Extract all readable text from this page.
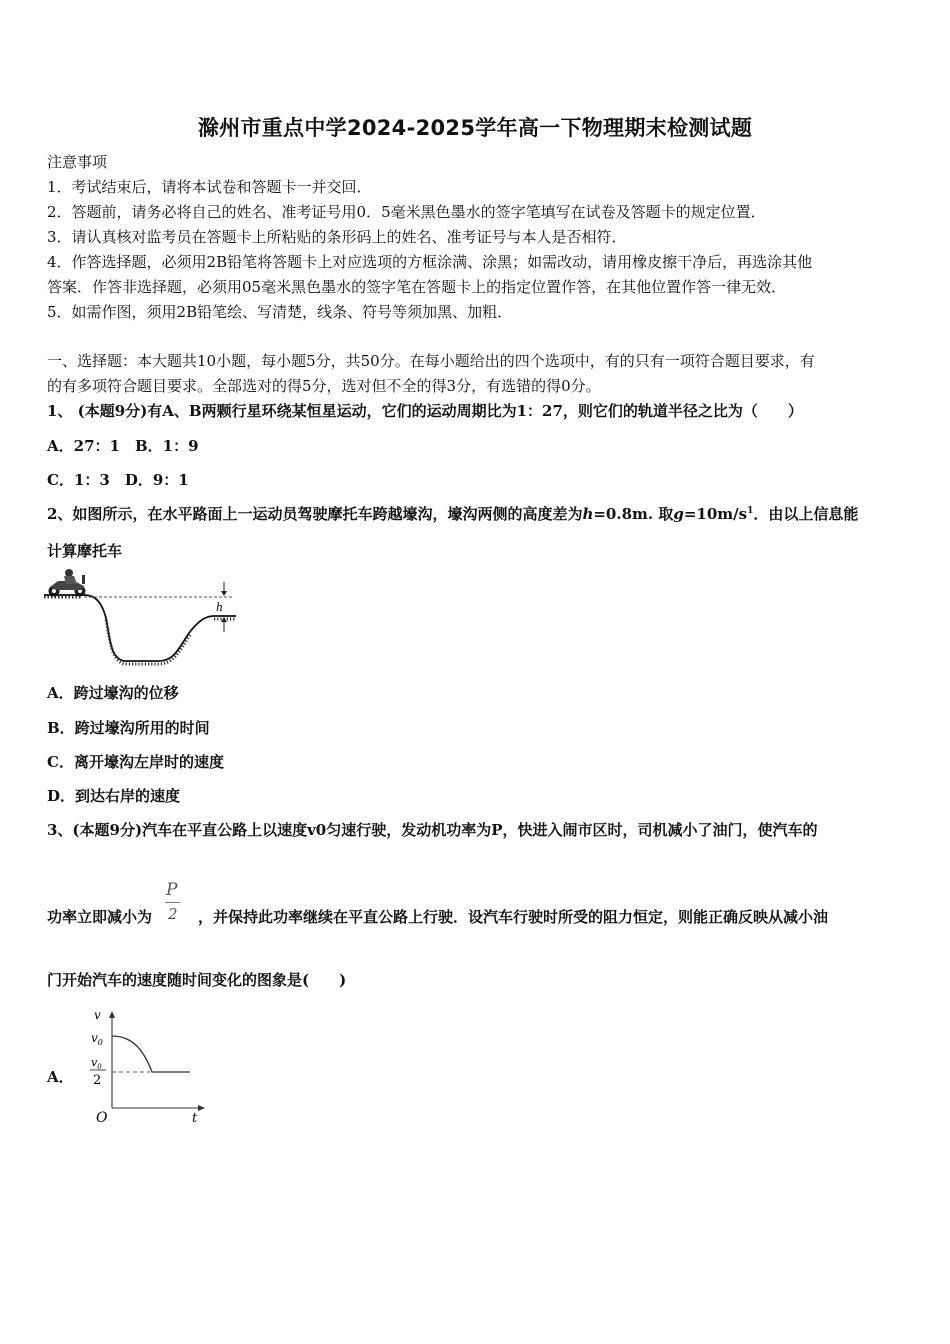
滁州市重点中学2024-2025学年高一下物理期末检测试题
注意事项
1．考试结束后，请将本试卷和答题卡一并交回．
2．答题前，请务必将自己的姓名、准考证号用0．5毫米黑色墨水的签字笔填写在试卷及答题卡的规定位置．
3．请认真核对监考员在答题卡上所粘贴的条形码上的姓名、准考证号与本人是否相符．
4．作答选择题，必须用2B铅笔将答题卡上对应选项的方框涂满、涂黑；如需改动，请用橡皮擦干净后，再选涂其他
答案．作答非选择题，必须用05毫米黑色墨水的签字笔在答题卡上的指定位置作答，在其他位置作答一律无效．
5．如需作图，须用2B铅笔绘、写清楚，线条、符号等须加黑、加粗．
一、选择题：本大题共10小题，每小题5分，共50分。在每小题给出的四个选项中，有的只有一项符合题目要求，有
的有多项符合题目要求。全部选对的得5分，选对但不全的得3分，有选错的得0分。
1、 (本题9分)有A、B两颗行星环绕某恒星运动，它们的运动周期比为1：27，则它们的轨道半径之比为（　　）
A．27：1　B．1：9
C．1：3　D．9：1
2、如图所示，在水平路面上一运动员驾驶摩托车跨越壕沟，壕沟两侧的高度差为h=0.8m. 取$g=10m/s^1$．由以上信息能
计算摩托车
h
A．跨过壕沟的位移
B．跨过壕沟所用的时间
C．离开壕沟左岸时的速度
D．到达右岸的速度
3、(本题9分)汽车在平直公路上以速度v0匀速行驶，发动机功率为P，快进入闹市区时，司机减小了油门，使汽车的
P
2
功率立即减小为	，并保持此功率继续在平直公路上行驶．设汽车行驶时所受的阻力恒定，则能正确反映从减小油
门开始汽车的速度随时间变化的图象是(　　)
A．
v
$v_0$
$v_0$
2
O	t
